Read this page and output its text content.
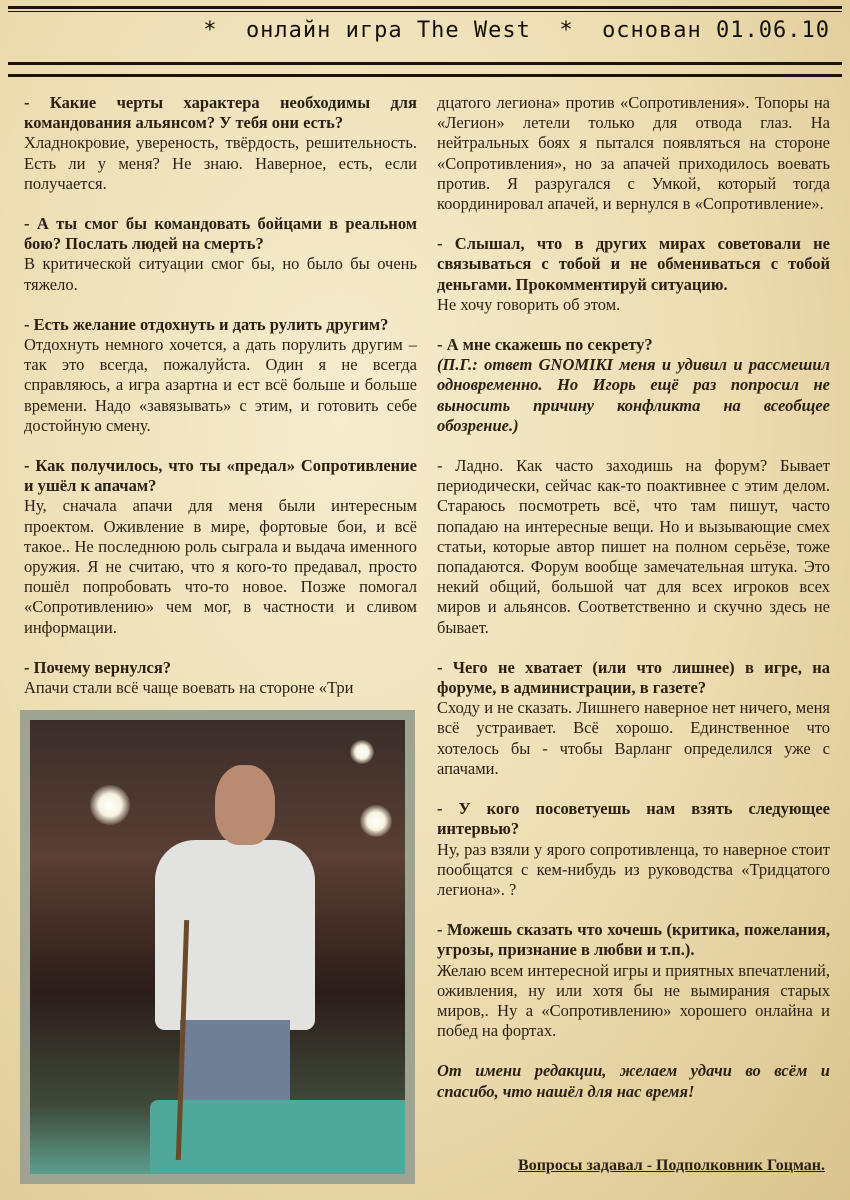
*  онлайн игра The West  *  основан 01.06.10

- Какие черты характера необходимы для командования альянсом? У тебя они есть?

Хладнокровие, увереность, твёрдость, решительность. Есть ли у меня? Не знаю. Наверное, есть, если получается.

- А ты смог бы командовать бойцами в реальном бою? Послать людей на смерть?

В критической ситуации смог бы, но было бы очень тяжело.

- Есть желание отдохнуть и дать рулить другим?

Отдохнуть немного хочется, а дать порулить другим – так это всегда, пожалуйста. Один я не всегда справляюсь, а игра азартна и ест всё больше и больше времени. Надо «завязывать» с этим, и готовить себе достойную смену.

- Как получилось, что ты «предал» Сопротивление и ушёл к апачам?

Ну, сначала апачи для меня были интересным проектом. Оживление в мире, фортовые бои, и всё такое.. Не последнюю роль сыграла и выдача именного оружия. Я не считаю, что я кого-то предавал, просто пошёл попробовать что-то новое. Позже помогал «Сопротивлению» чем мог, в частности и сливом информации.

- Почему вернулся?

Апачи стали всё чаще воевать на стороне «Три

дцатого легиона» против «Сопротивления». Топоры на «Легион» летели только для отвода глаз. На нейтральных боях я пытался появляться на стороне «Сопротивления», но за апачей приходилось воевать против. Я разругался с Умкой, который тогда координировал апачей, и вернулся в «Сопротивление».

- Слышал, что в других мирах советовали не связываться с тобой и не обмениваться с тобой деньгами. Прокомментируй ситуацию.

Не хочу говорить об этом.

- А мне скажешь по секрету?

(П.Г.: ответ GNOMIKI меня и удивил и рассмешил одновременно. Но Игорь ещё раз попросил не выносить причину конфликта на всеобщее обозрение.)

- Ладно. Как часто заходишь на форум? Бывает периодически, сейчас как-то поактивнее с этим делом. Стараюсь посмотреть всё, что там пишут, часто попадаю на интересные вещи. Но и вызывающие смех статьи, которые автор пишет на полном серьёзе, тоже попадаются. Форум вообще замечательная штука. Это некий общий, большой чат для всех игроков всех миров и альянсов. Соответственно и скучно здесь не бывает.

- Чего не хватает (или что лишнее) в игре, на форуме, в администрации, в газете?

Сходу и не сказать. Лишнего наверное нет ничего, меня всё устраивает. Всё хорошо. Единственное что хотелось бы - чтобы Варланг определился уже с апачами.

- У кого посоветуешь нам взять следующее интервью?

Ну, раз взяли у ярого сопротивленца, то наверное стоит пообщатся с кем-нибудь из руководства «Тридцатого легиона». ?

- Можешь сказать что хочешь (критика, пожелания, угрозы, признание в любви и т.п.).

Желаю всем интересной игры и приятных впечатлений, оживления, ну или хотя бы не вымирания старых миров,. Ну а «Сопротивлению» хорошего онлайна и побед на фортах.

От имени редакции, желаем удачи во всём и спасибо, что нашёл для нас время!

Вопросы задавал - Подполковник Гоцман.
